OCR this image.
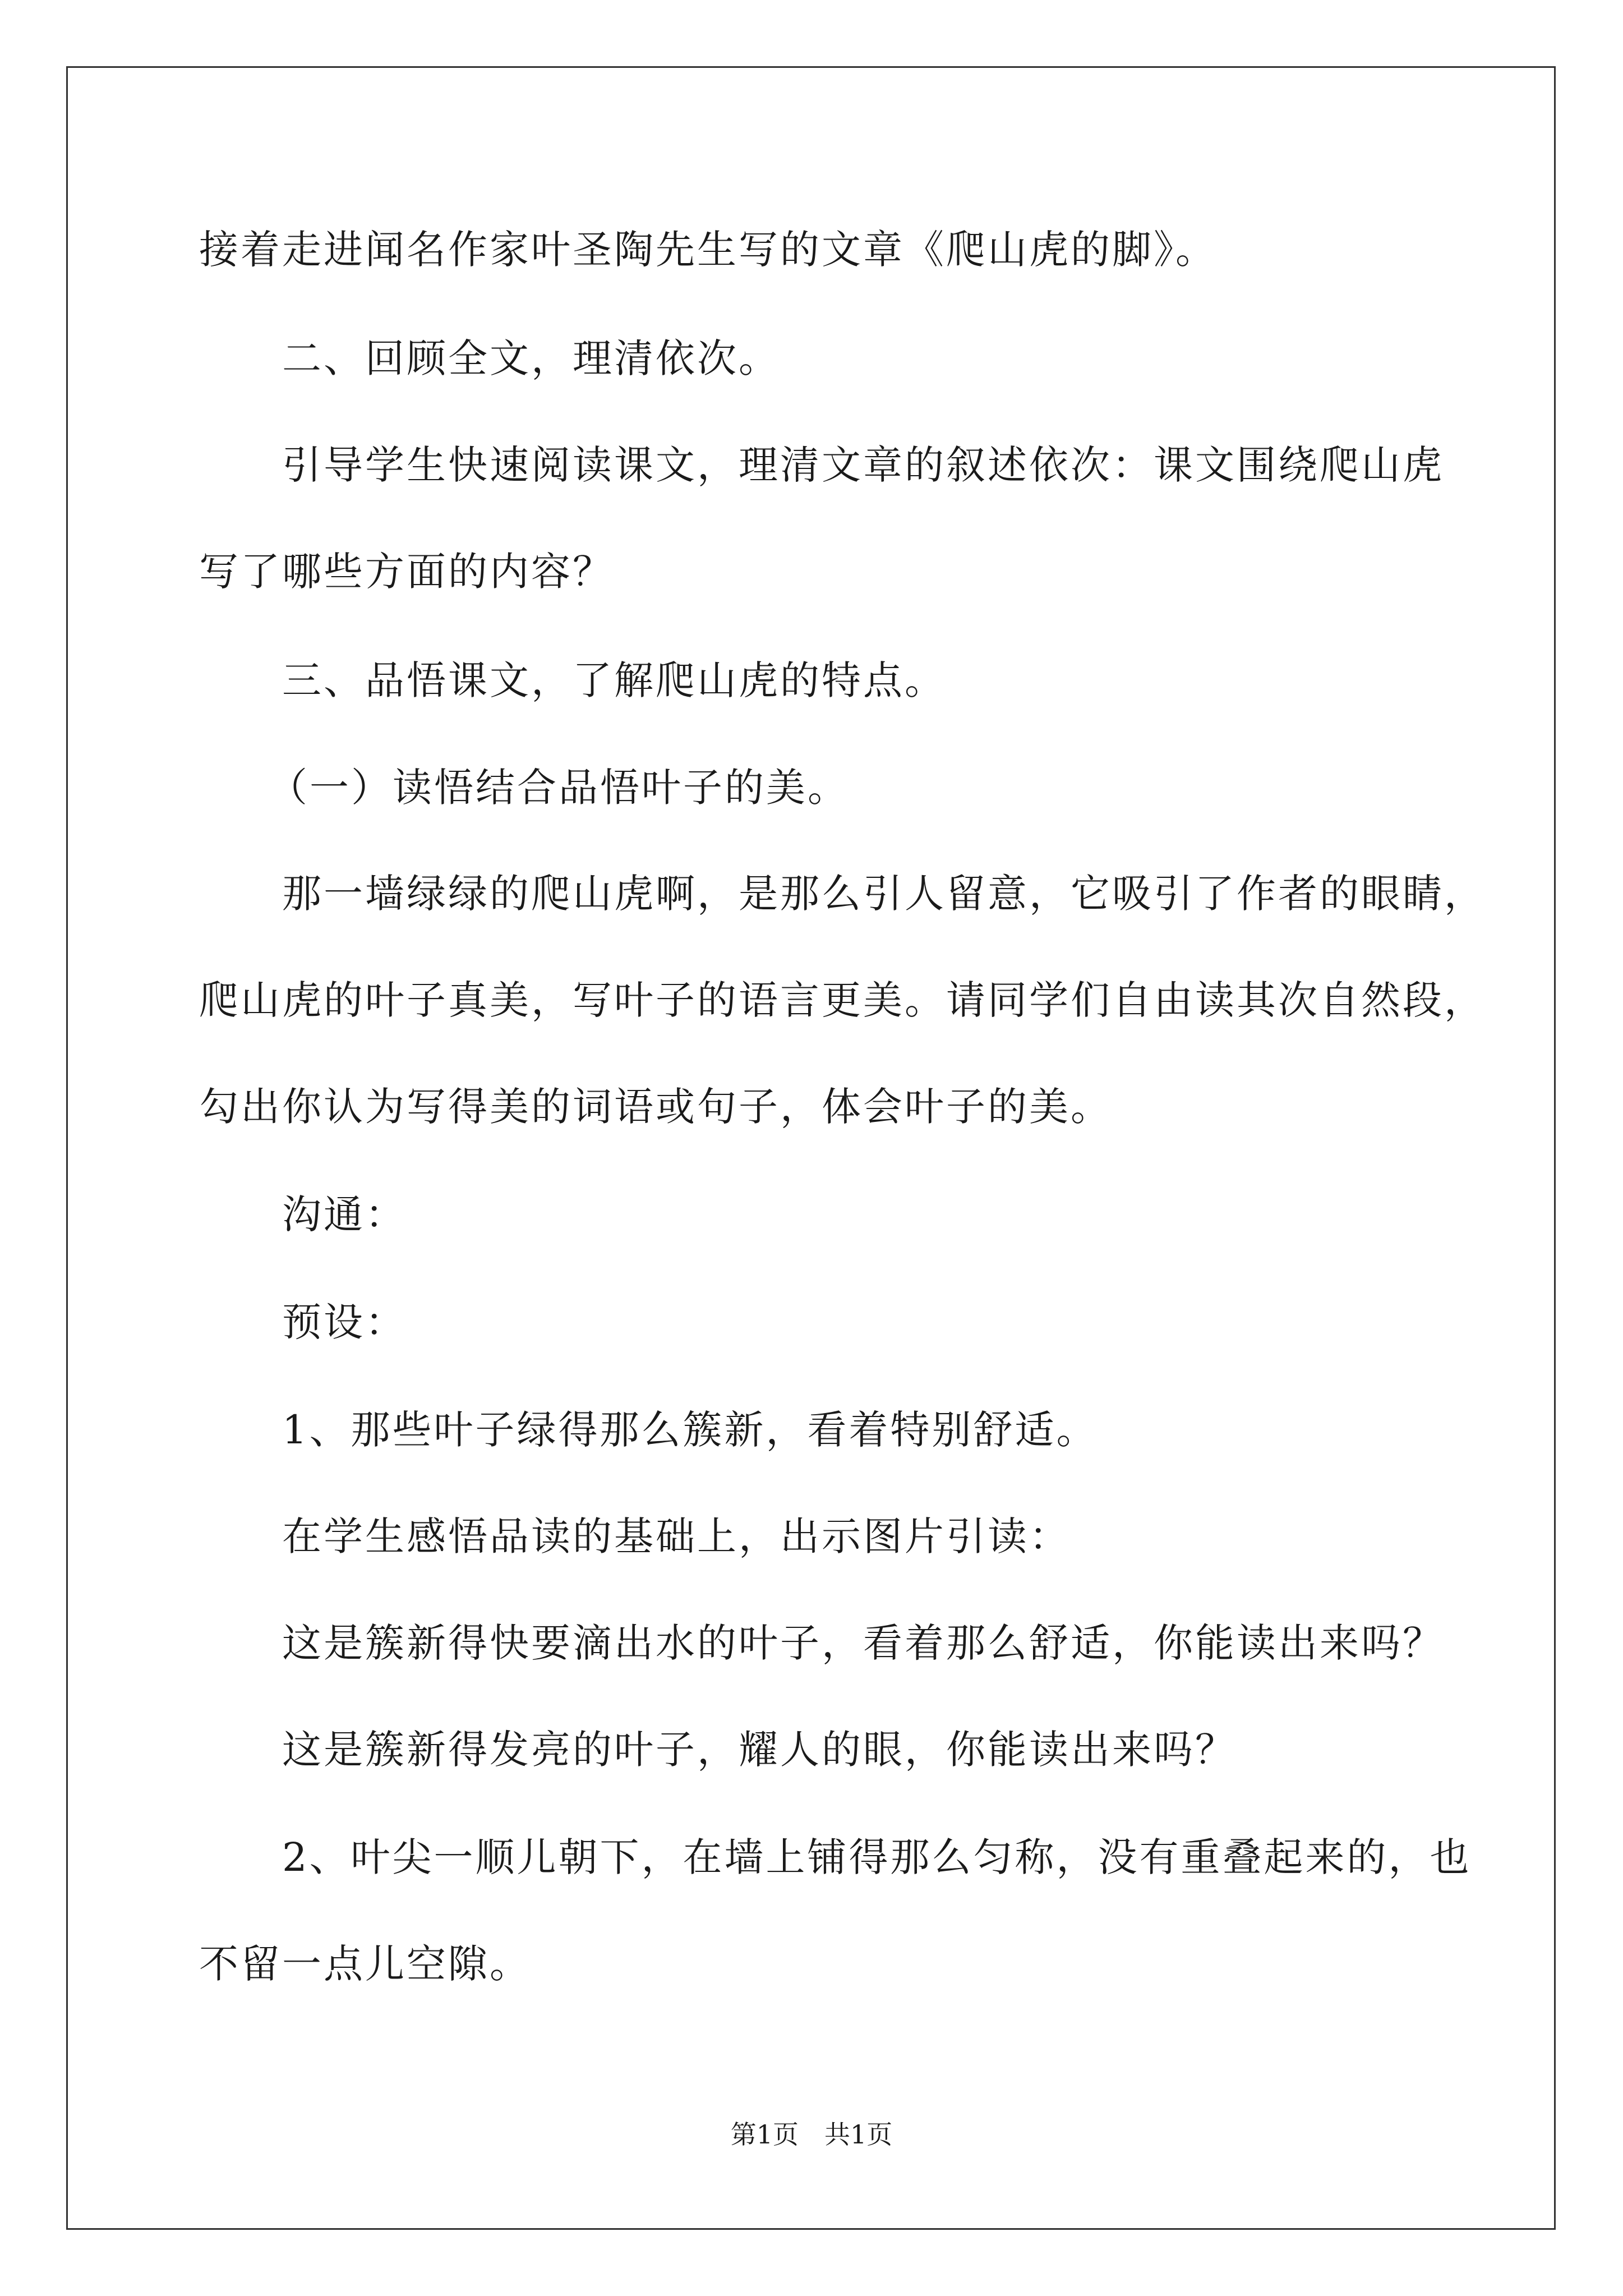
接着走进闻名作家叶圣陶先生写的文章《爬山虎的脚》。

二、回顾全文，理清依次。

引导学生快速阅读课文，理清文章的叙述依次：课文围绕爬山虎

写了哪些方面的内容？

三、品悟课文，了解爬山虎的特点。

（一）读悟结合品悟叶子的美。

那一墙绿绿的爬山虎啊，是那么引人留意，它吸引了作者的眼睛，

爬山虎的叶子真美，写叶子的语言更美。请同学们自由读其次自然段，

勾出你认为写得美的词语或句子，体会叶子的美。

沟通：

预设：

1、那些叶子绿得那么簇新，看着特别舒适。

在学生感悟品读的基础上，出示图片引读：

这是簇新得快要滴出水的叶子，看着那么舒适，你能读出来吗？

这是簇新得发亮的叶子，耀人的眼，你能读出来吗？

2、叶尖一顺儿朝下，在墙上铺得那么匀称，没有重叠起来的，也

不留一点儿空隙。

第1页　共1页
